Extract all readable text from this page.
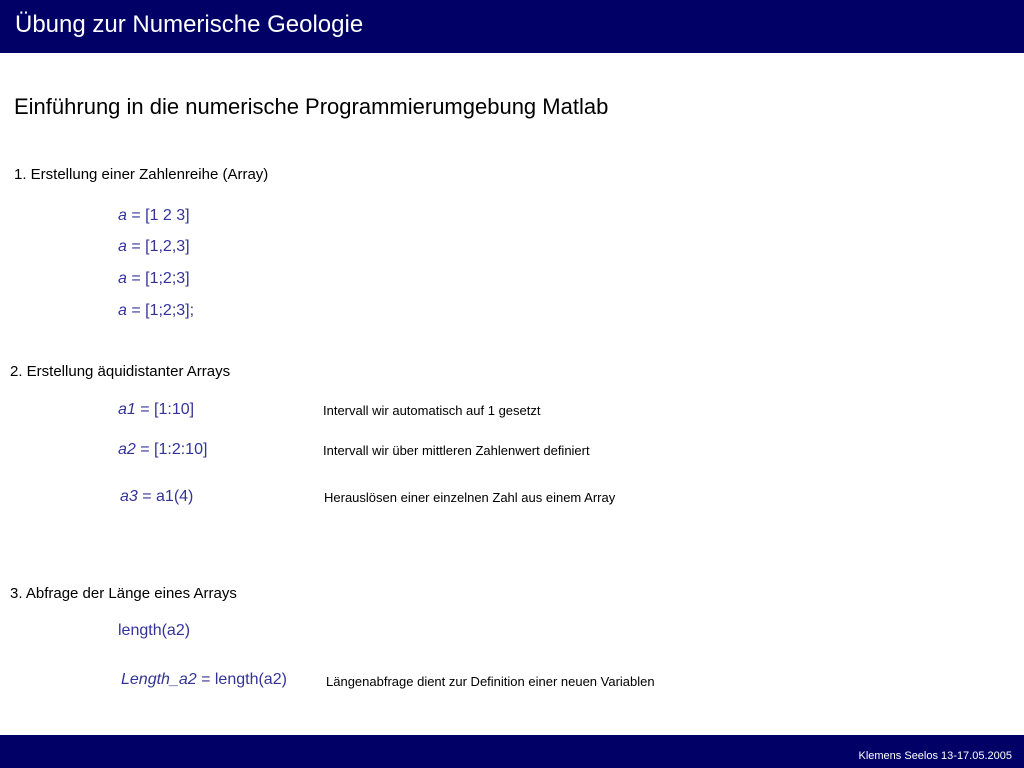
Übung zur Numerische Geologie
Einführung in die numerische Programmierumgebung Matlab
1. Erstellung einer Zahlenreihe (Array)
a = [1 2 3]
a = [1,2,3]
a = [1;2;3]
a = [1;2;3];
2. Erstellung äquidistanter Arrays
a1 = [1:10]	Intervall wir automatisch auf 1 gesetzt
a2 = [1:2:10]	Intervall wir über mittleren Zahlenwert definiert
a3 = a1(4)	Herauslösen einer einzelnen Zahl aus einem Array
3. Abfrage der Länge eines Arrays
length(a2)
Length_a2 = length(a2)	Längenabfrage dient zur Definition einer neuen Variablen
Klemens Seelos 13-17.05.2005
